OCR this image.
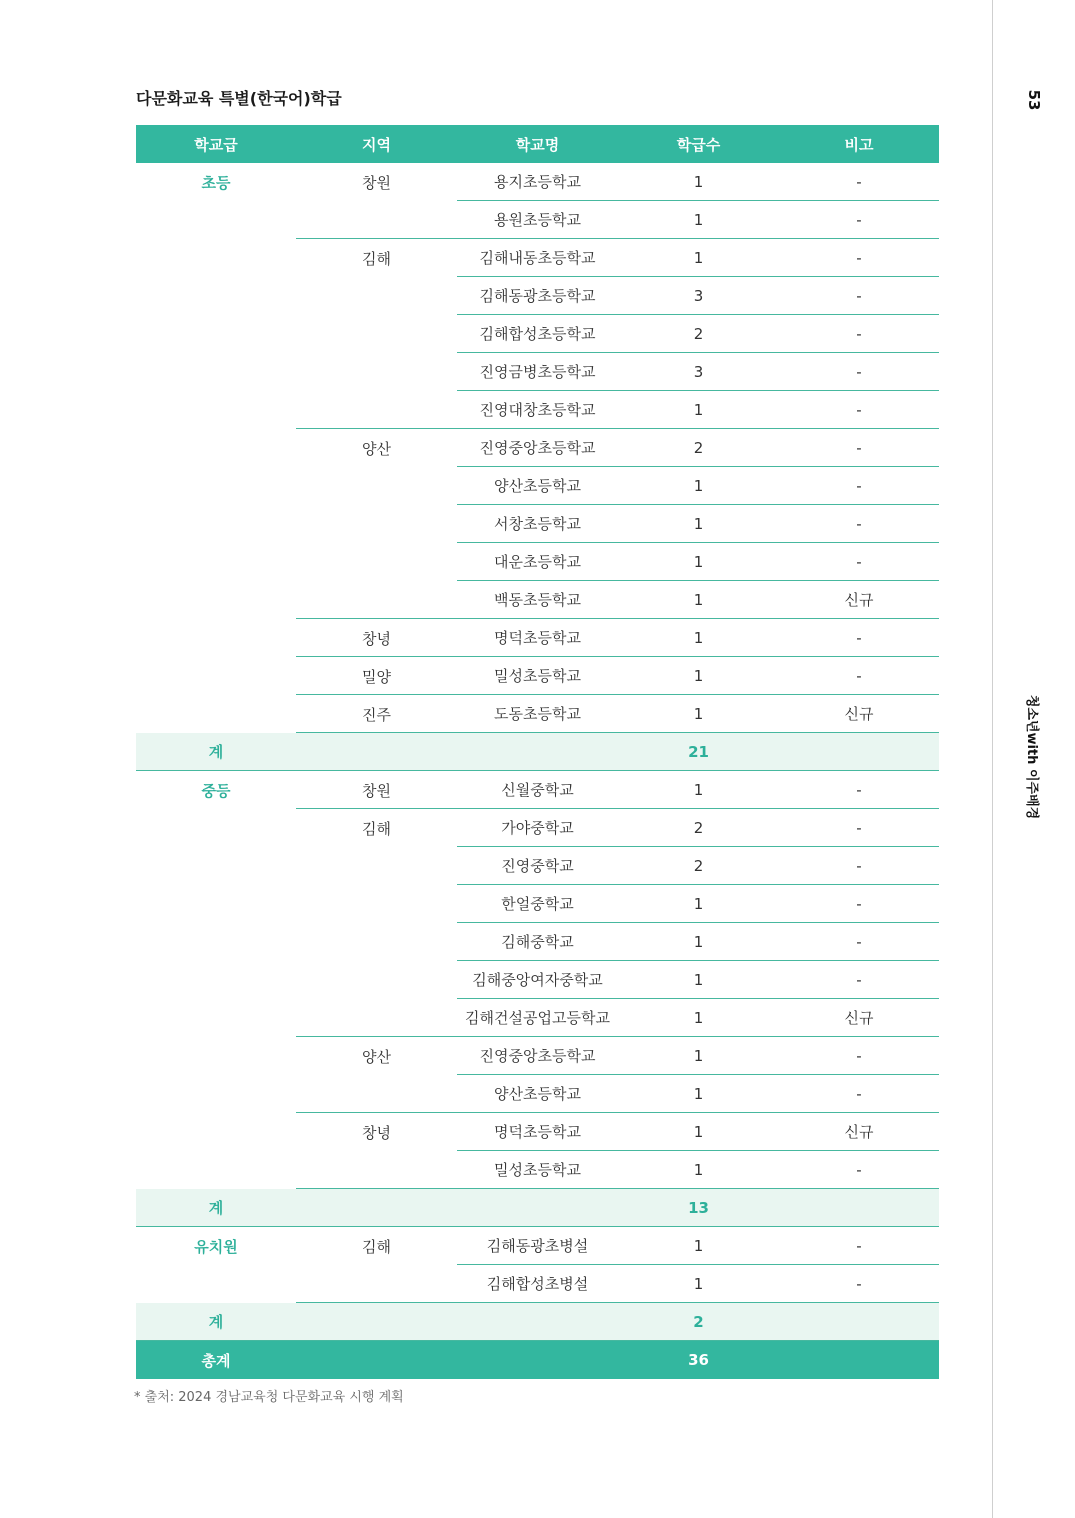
53
청소년with 이주배경
다문화교육 특별(한국어)학급
학교급	지역	학교명	학급수	비고
초등	창원	용지초등학교	1	-
		용원초등학교	1	-
	김해	김해내동초등학교	1	-
		김해동광초등학교	3	-
		김해합성초등학교	2	-
		진영금병초등학교	3	-
		진영대창초등학교	1	-
	양산	진영중앙초등학교	2	-
		양산초등학교	1	-
		서창초등학교	1	-
		대운초등학교	1	-
		백동초등학교	1	신규
	창녕	명덕초등학교	1	-
	밀양	밀성초등학교	1	-
	진주	도동초등학교	1	신규
계			21	
중등	창원	신월중학교	1	-
	김해	가야중학교	2	-
		진영중학교	2	-
		한얼중학교	1	-
		김해중학교	1	-
		김해중앙여자중학교	1	-
		김해건설공업고등학교	1	신규
	양산	진영중앙초등학교	1	-
		양산초등학교	1	-
	창녕	명덕초등학교	1	신규
		밀성초등학교	1	-
계			13	
유치원	김해	김해동광초병설	1	-
		김해합성초병설	1	-
계			2	
총계			36	
* 출처: 2024 경남교육청 다문화교육 시행 계획
